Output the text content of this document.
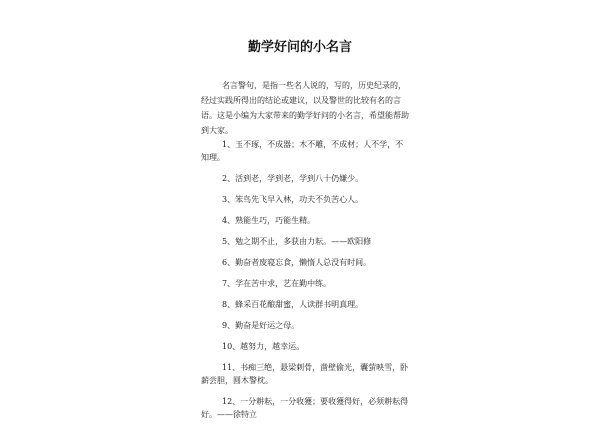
勤学好问的小名言

名言警句，是指一些名人说的，写的，历史纪录的，经过实践所得出的结论或建议，以及警世的比较有名的言语。这是小编为大家带来的勤学好问的小名言，希望能帮助到大家。

1、玉不琢，不成器；木不雕，不成材；人不学，不知理。
2、活到老，学到老，学到八十仍嫌少。
3、笨鸟先飞早入林，功夫不负苦心人。
4、熟能生巧，巧能生精。
5、勉之期不止，多获由力耘。——欧阳修
6、勤奋者废寝忘食，懒惰人总没有时间。
7、学在苦中求，艺在勤中练。
8、蜂采百花酿甜蜜，人读群书明真理。
9、勤奋是好运之母。
10、越努力，越幸运。
11、书痴三绝，悬梁刺骨，凿壁偷光，囊萤映雪，卧薪尝胆，圆木警枕。
12、一分耕耘，一分收獲；要收獲得好，必须耕耘得好。——徐特立
